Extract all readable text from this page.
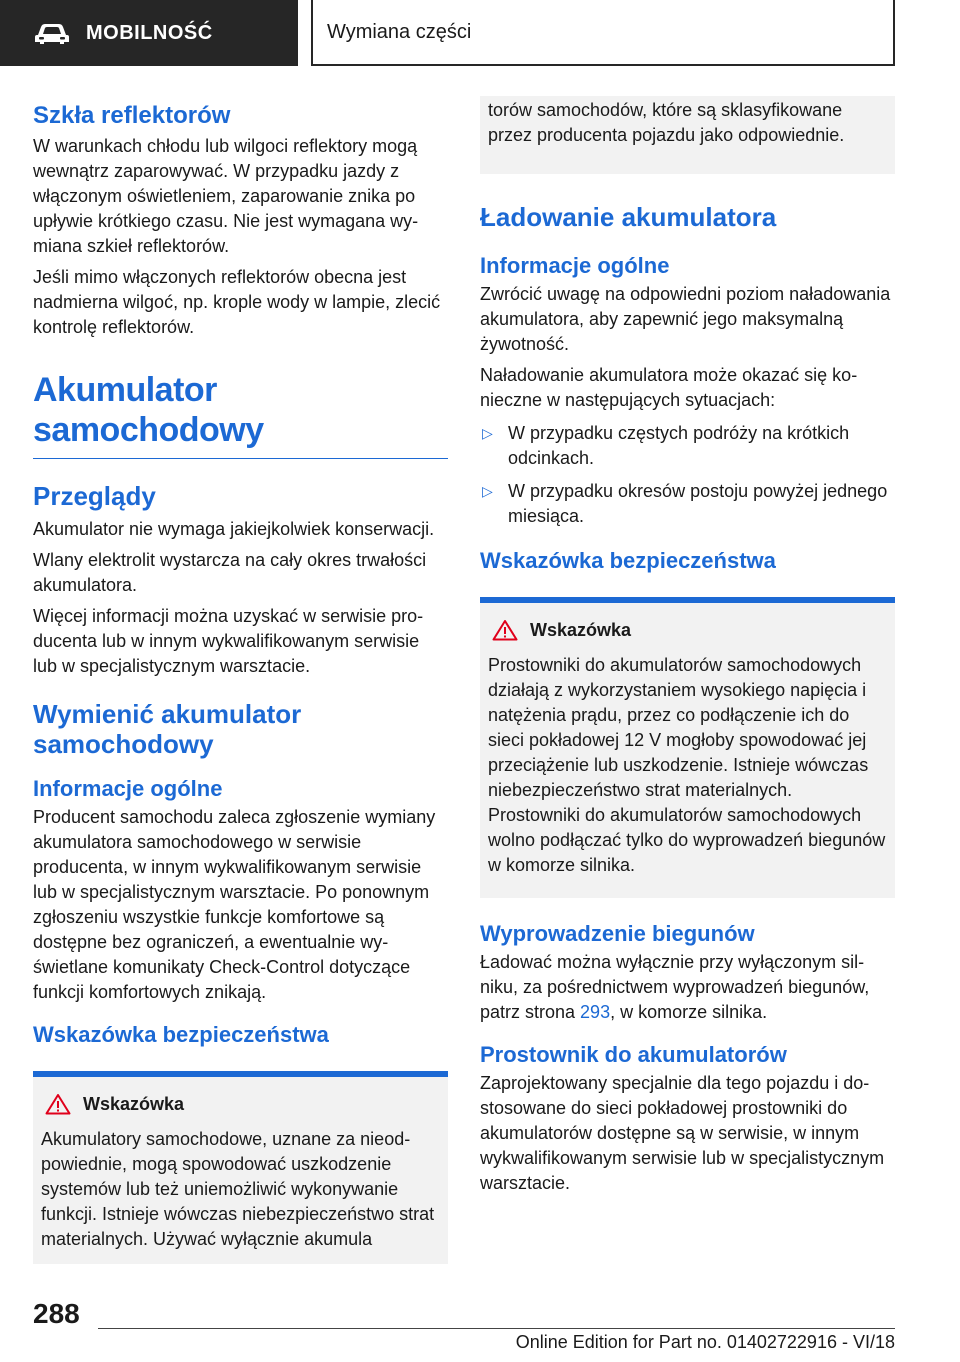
MOBILNOŚĆ	Wymiana części
Szkła reflektorów

W warunkach chłodu lub wilgoci reflektory mogą wewnątrz zaparowywać. W przypadku jazdy z włączonym oświetleniem, zaparowanie znika po upływie krótkiego czasu. Nie jest wymagana wymiana szkieł reflektorów.

Jeśli mimo włączonych reflektorów obecna jest nadmierna wilgoć, np. krople wody w lampie, zlecić kontrolę reflektorów.

Akumulator samochodowy
Przeglądy

Akumulator nie wymaga jakiejkolwiek konserwacji.

Wlany elektrolit wystarcza na cały okres trwałości akumulatora.

Więcej informacji można uzyskać w serwisie producenta lub w innym wykwalifikowanym serwisie lub w specjalistycznym warsztacie.

Wymienić akumulator samochodowy
Informacje ogólne

Producent samochodu zaleca zgłoszenie wymiany akumulatora samochodowego w serwisie producenta, w innym wykwalifikowanym serwisie lub w specjalistycznym warsztacie. Po ponownym zgłoszeniu wszystkie funkcje komfortowe są dostępne bez ograniczeń, a ewentualnie wyświetlane komunikaty Check-Control dotyczące funkcji komfortowych znikają.

Wskazówka bezpieczeństwa
Wskazówka

Akumulatory samochodowe, uznane za nieodpowiednie, mogą spowodować uszkodzenie systemów lub też uniemożliwić wykonywanie funkcji. Istnieje wówczas niebezpieczeństwo strat materialnych. Używać wyłącznie akumula

torów samochodów, które są sklasyfikowane przez producenta pojazdu jako odpowiednie.

Ładowanie akumulatora
Informacje ogólne

Zwrócić uwagę na odpowiedni poziom naładowania akumulatora, aby zapewnić jego maksymalną żywotność.

Naładowanie akumulatora może okazać się konieczne w następujących sytuacjach:

▷ W przypadku częstych podróży na krótkich odcinkach.
▷ W przypadku okresów postoju powyżej jednego miesiąca.
Wskazówka bezpieczeństwa
Wskazówka

Prostowniki do akumulatorów samochodowych działają z wykorzystaniem wysokiego napięcia i natężenia prądu, przez co podłączenie ich do sieci pokładowej 12 V mogłoby spowodować jej przeciążenie lub uszkodzenie. Istnieje wówczas niebezpieczeństwo strat materialnych. Prostowniki do akumulatorów samochodowych wolno podłączać tylko do wyprowadzeń biegunów w komorze silnika.

Wyprowadzenie biegunów

Ładować można wyłącznie przy wyłączonym silniku, za pośrednictwem wyprowadzeń biegunów, patrz strona 293, w komorze silnika.

Prostownik do akumulatorów

Zaprojektowany specjalnie dla tego pojazdu i dostosowane do sieci pokładowej prostowniki do akumulatorów dostępne są w serwisie, w innym wykwalifikowanym serwisie lub w specjalistycznym warsztacie.

288
Online Edition for Part no. 01402722916 - VI/18
